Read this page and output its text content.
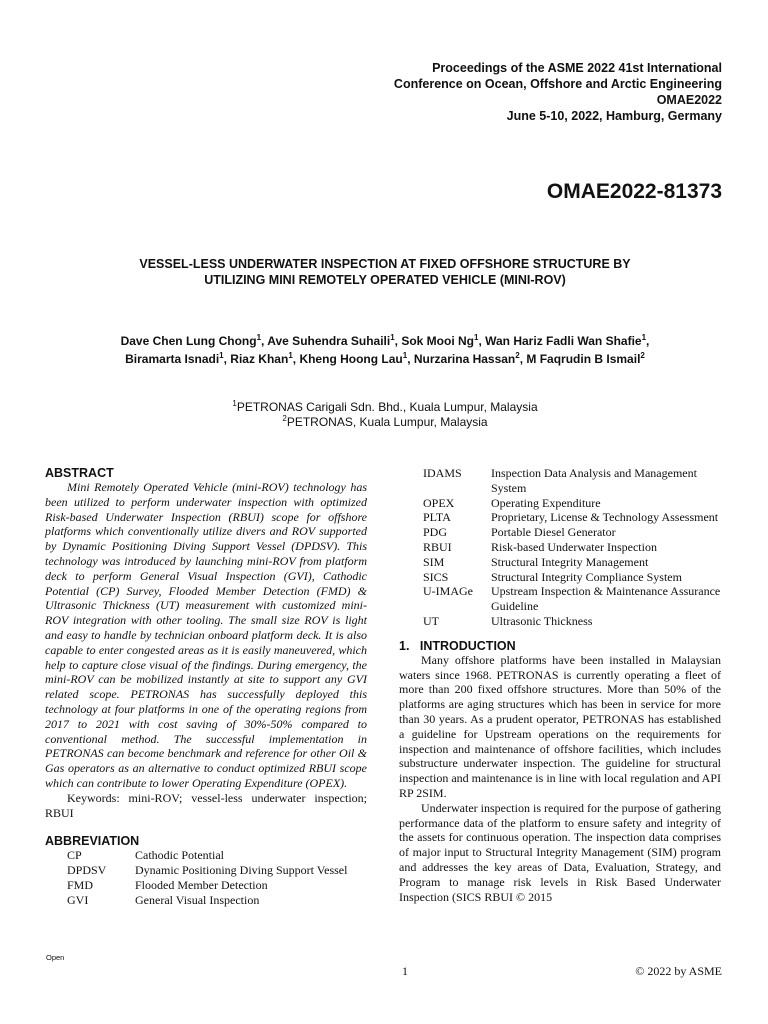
Proceedings of the ASME 2022 41st International
Conference on Ocean, Offshore and Arctic Engineering
OMAE2022
June 5-10, 2022, Hamburg, Germany
OMAE2022-81373
VESSEL-LESS UNDERWATER INSPECTION AT FIXED OFFSHORE STRUCTURE BY
UTILIZING MINI REMOTELY OPERATED VEHICLE (MINI-ROV)
Dave Chen Lung Chong$^1$, Ave Suhendra Suhaili$^1$, Sok Mooi Ng$^1$, Wan Hariz Fadli Wan Shafie$^1$,
Biramarta Isnadi$^1$, Riaz Khan$^1$, Kheng Hoong Lau$^1$, Nurzarina Hassan$^2$, M Faqrudin B Ismail$^2$
$^1$PETRONAS Carigali Sdn. Bhd., Kuala Lumpur, Malaysia
$^2$PETRONAS, Kuala Lumpur, Malaysia
ABSTRACT

Mini Remotely Operated Vehicle (mini-ROV) technology has been utilized to perform underwater inspection with optimized Risk-based Underwater Inspection (RBUI) scope for offshore platforms which conventionally utilize divers and ROV supported by Dynamic Positioning Diving Support Vessel (DPDSV). This technology was introduced by launching mini-ROV from platform deck to perform General Visual Inspection (GVI), Cathodic Potential (CP) Survey, Flooded Member Detection (FMD) & Ultrasonic Thickness (UT) measurement with customized mini-ROV integration with other tooling. The small size ROV is light and easy to handle by technician onboard platform deck. It is also capable to enter congested areas as it is easily maneuvered, which help to capture close visual of the findings. During emergency, the mini-ROV can be mobilized instantly at site to support any GVI related scope. PETRONAS has successfully deployed this technology at four platforms in one of the operating regions from 2017 to 2021 with cost saving of 30%-50% compared to conventional method. The successful implementation in PETRONAS can become benchmark and reference for other Oil & Gas operators as an alternative to conduct optimized RBUI scope which can contribute to lower Operating Expenditure (OPEX).

Keywords: mini-ROV; vessel-less underwater inspection; RBUI

ABBREVIATION
CP	Cathodic Potential
DPDSV	Dynamic Positioning Diving Support Vessel
FMD	Flooded Member Detection
GVI	General Visual Inspection
IDAMS	Inspection Data Analysis and Management System
OPEX	Operating Expenditure
PLTA	Proprietary, License & Technology Assessment
PDG	Portable Diesel Generator
RBUI	Risk-based Underwater Inspection
SIM	Structural Integrity Management
SICS	Structural Integrity Compliance System
U-IMAGe	Upstream Inspection & Maintenance Assurance Guideline
UT	Ultrasonic Thickness
1.   INTRODUCTION

Many offshore platforms have been installed in Malaysian waters since 1968. PETRONAS is currently operating a fleet of more than 200 fixed offshore structures. More than 50% of the platforms are aging structures which has been in service for more than 30 years. As a prudent operator, PETRONAS has established a guideline for Upstream operations on the requirements for inspection and maintenance of offshore facilities, which includes substructure underwater inspection. The guideline for structural inspection and maintenance is in line with local regulation and API RP 2SIM.

Underwater inspection is required for the purpose of gathering performance data of the platform to ensure safety and integrity of the assets for continuous operation. The inspection data comprises of major input to Structural Integrity Management (SIM) program and addresses the key areas of Data, Evaluation, Strategy, and Program to manage risk levels in Risk Based Underwater Inspection (SICS RBUI © 2015

Open
1	© 2022 by ASME
